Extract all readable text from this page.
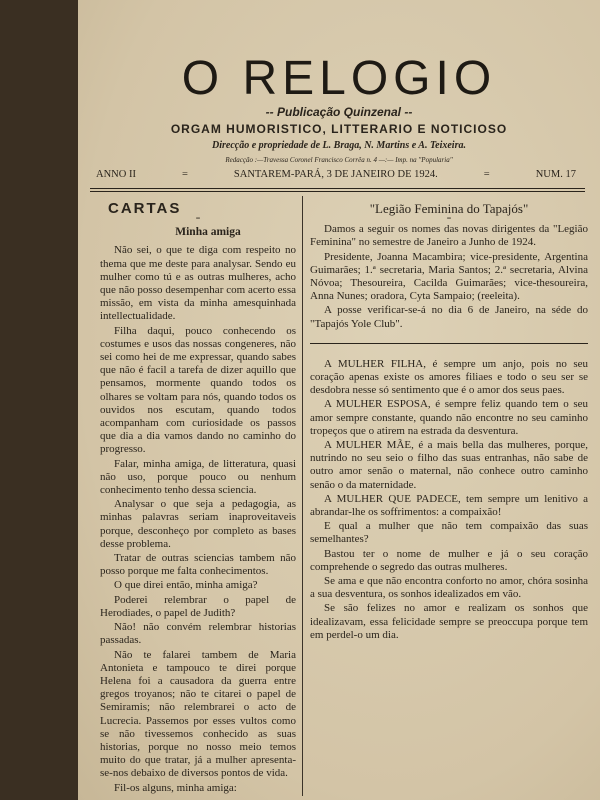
O RELOGIO
-- Publicação Quinzenal --
ORGAM HUMORISTICO, LITTERARIO E NOTICIOSO
Direcção e propriedade de L. Braga, N. Martins e A. Teixeira.
Redacção :—Travessa Coronel Francisco Corrêa n. 4 —:— Imp. na "Popularia"
ANNO II	=	SANTAREM-PARÁ, 3 DE JANEIRO DE 1924.	=	NUM. 17
CARTAS
=
Minha amiga

Não sei, o que te diga com respeito no thema que me deste para analysar. Sendo eu mulher como tú e as outras mulheres, acho que não posso desempenhar com acerto essa missão, em vista da minha amesquinhada intellectualidade.

Filha daqui, pouco conhecendo os costumes e usos das nossas congeneres, não sei como hei de me expressar, quando sabes que não é facil a tarefa de dizer aquillo que pensamos, mormente quando todos os olhares se voltam para nós, quando todos os ouvidos nos escutam, quando todos acompanham com curiosidade os passos que dia a dia vamos dando no caminho do progresso.

Falar, minha amiga, de litteratura, quasi não uso, porque pouco ou nenhum conhecimento tenho dessa sciencia.

Analysar o que seja a pedagogia, as minhas palavras seriam inaproveitaveis porque, desconheço por completo as bases desse problema.

Tratar de outras sciencias tambem não posso porque me falta conhecimentos.

O que direi então, minha amiga?

Poderei relembrar o papel de Herodiades, o papel de Judith?

Não! não convém relembrar historias passadas.

Não te falarei tambem de Maria Antonieta e tampouco te direi porque Helena foi a causadora da guerra entre gregos troyanos; não te citarei o papel de Semiramis; não relembrarei o acto de Lucrecia. Passemos por esses vultos como se não tivessemos conhecido as suas historias, porque no nosso meio temos muito do que tratar, já a mulher apresenta-se-nos debaixo de diversos pontos de vida.

Fil-os alguns, minha amiga:

"Legião Feminina do Tapajós"
=

Damos a seguir os nomes das novas dirigentes da "Legião Feminina" no semestre de Janeiro a Junho de 1924.

Presidente, Joanna Macambira; vice-presidente, Argentina Guimarães; 1.ª secretaria, Maria Santos; 2.ª secretaria, Alvina Nóvoa; Thesoureira, Cacilda Guimarães; vice-thesoureira, Anna Nunes; oradora, Cyta Sampaio; (reeleita).

A posse verificar-se-á no dia 6 de Janeiro, na séde do "Tapajós Yole Club".

A MULHER FILHA, é sempre um anjo, pois no seu coração apenas existe os amores filiaes e todo o seu ser se desdobra nesse só sentimento que é o amor dos seus paes.

A MULHER ESPOSA, é sempre feliz quando tem o seu amor sempre constante, quando não encontre no seu caminho tropeços que o atirem na estrada da desventura.

A MULHER MÃE, é a mais bella das mulheres, porque, nutrindo no seu seio o filho das suas entranhas, não sabe de outro amor senão o maternal, não conhece outro caminho senão o da maternidade.

A MULHER QUE PADECE, tem sempre um lenitivo a abrandar-lhe os soffrimentos: a compaixão!

E qual a mulher que não tem compaixão das suas semelhantes?

Bastou ter o nome de mulher e já o seu coração comprehende o segredo das outras mulheres.

Se ama e que não encontra conforto no amor, chóra sosinha a sua desventura, os sonhos idealizados em vão.

Se são felizes no amor e realizam os sonhos que idealizavam, essa felicidade sempre se preoccupa porque tem em perdel-o um dia.
